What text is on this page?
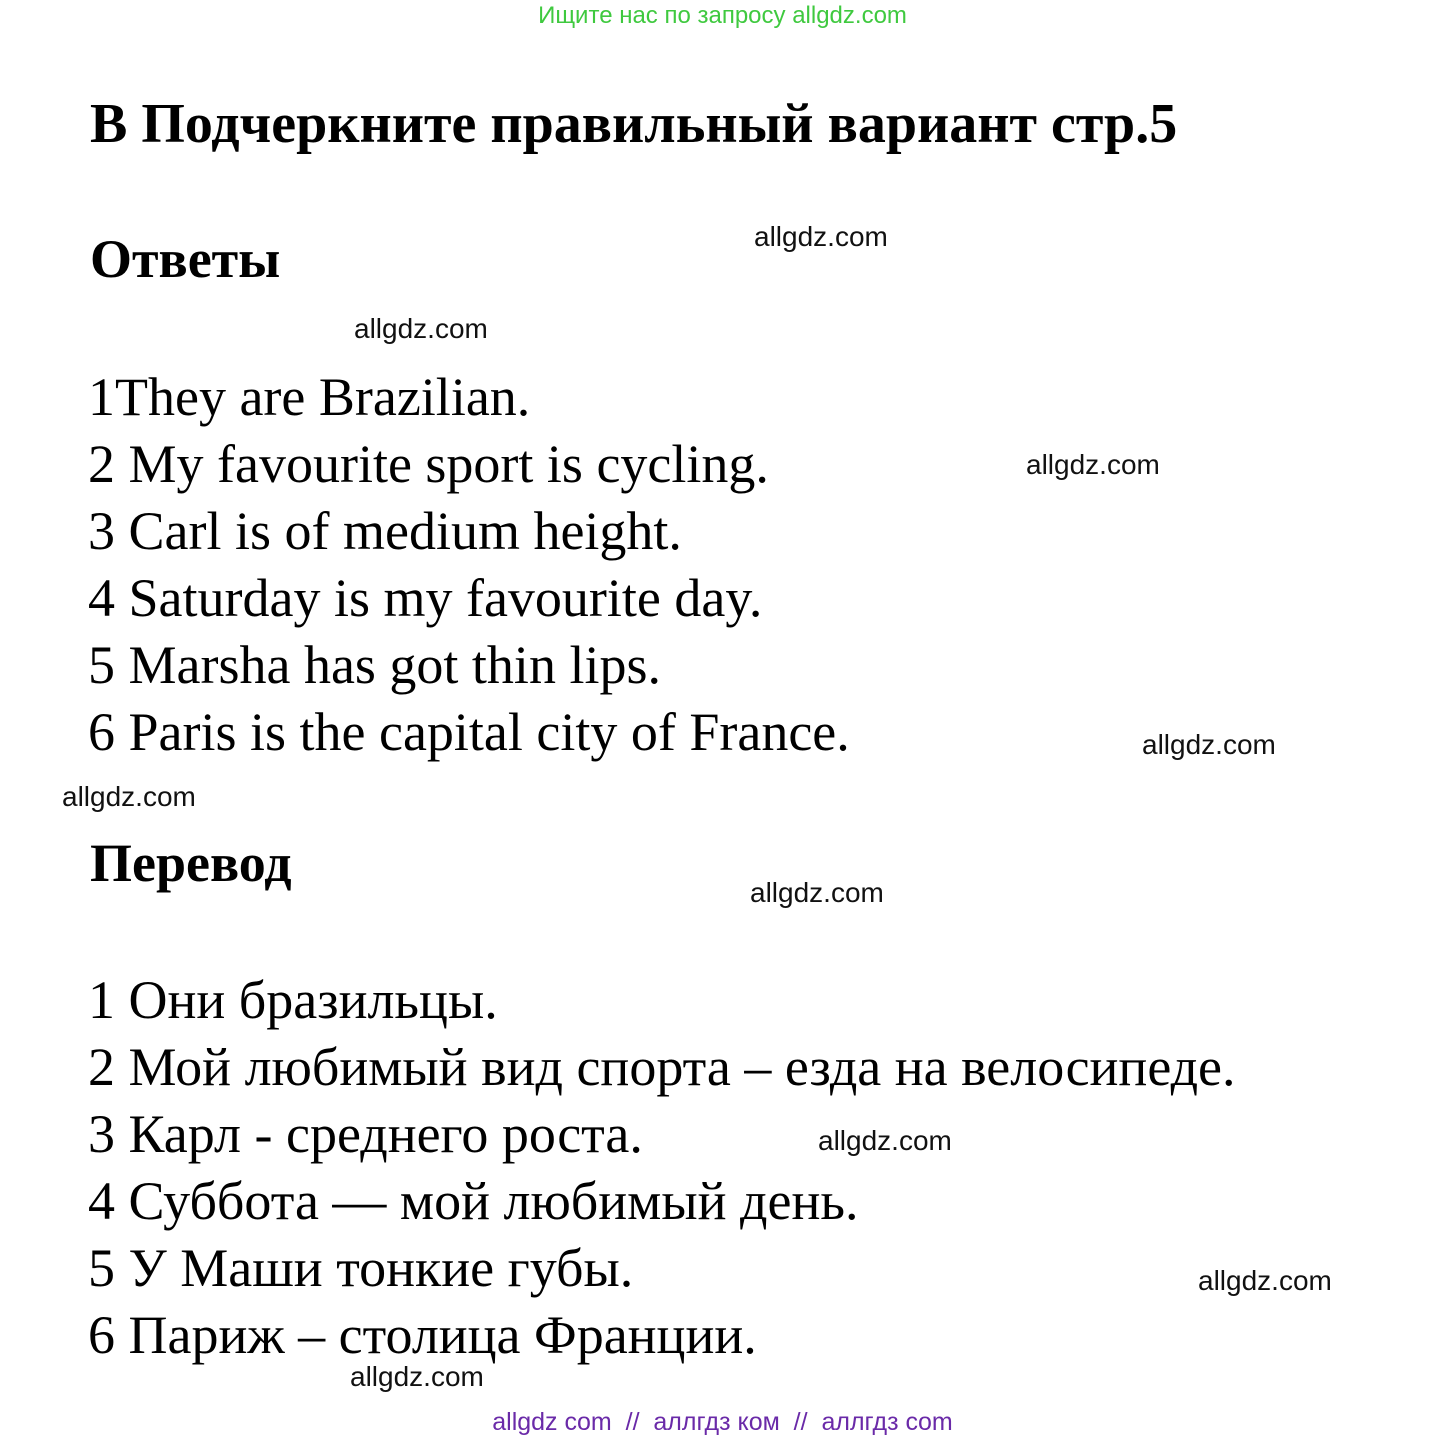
Ищите нас по запросу allgdz.com
В Подчеркните правильный вариант стр.5
Ответы
1They are Brazilian.
2 My favourite sport is cycling.
3 Carl is of medium height.
4 Saturday is my favourite day.
5 Marsha has got thin lips.
6 Paris is the capital city of France.
Перевод
1 Они бразильцы.
2 Мой любимый вид спорта – езда на велосипеде.
3 Карл - среднего роста.
4 Суббота — мой любимый день.
5 У Маши тонкие губы.
6 Париж – столица Франции.
allgdz.com
allgdz.com
allgdz.com
allgdz.com
allgdz.com
allgdz.com
allgdz.com
allgdz.com
allgdz.com
allgdz com  //  аллгдз ком  //  аллгдз com
